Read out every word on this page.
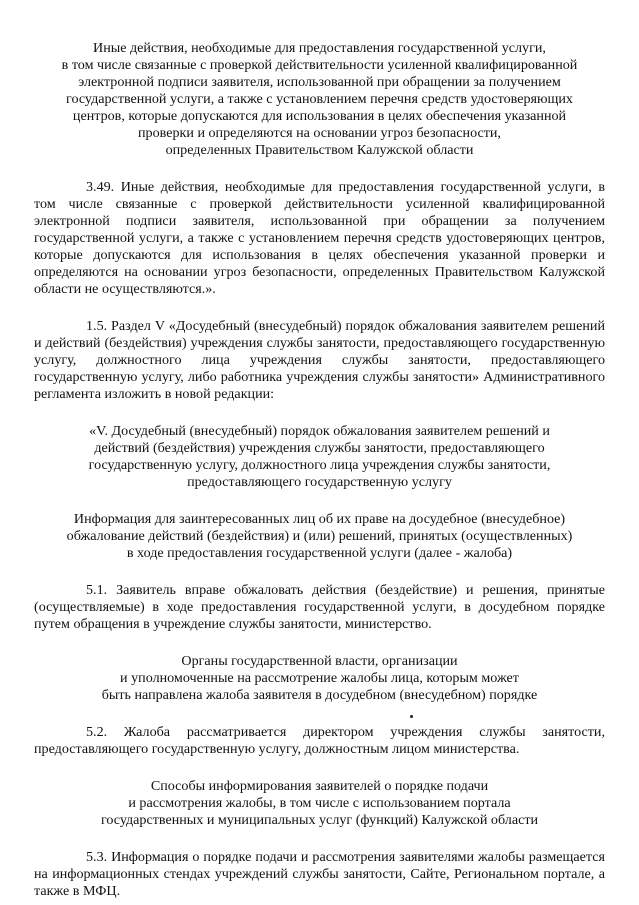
Иные действия, необходимые для предоставления государственной услуги,
в том числе связанные с проверкой действительности усиленной квалифицированной
электронной подписи заявителя, использованной при обращении за получением
государственной услуги, а также с установлением перечня средств удостоверяющих
центров, которые допускаются для использования в целях обеспечения указанной
проверки и определяются на основании угроз безопасности,
определенных Правительством Калужской области

3.49. Иные действия, необходимые для предоставления государственной услуги, в том числе связанные с проверкой действительности усиленной квалифицированной электронной подписи заявителя, использованной при обращении за получением государственной услуги, а также с установлением перечня средств удостоверяющих центров, которые допускаются для использования в целях обеспечения указанной проверки и определяются на основании угроз безопасности, определенных Правительством Калужской области не осуществляются.».

1.5. Раздел V «Досудебный (внесудебный) порядок обжалования заявителем решений и действий (бездействия) учреждения службы занятости, предоставляющего государственную услугу, должностного лица учреждения службы занятости, предоставляющего государственную услугу, либо работника учреждения службы занятости» Административного регламента изложить в новой редакции:

«V. Досудебный (внесудебный) порядок обжалования заявителем решений и
действий (бездействия) учреждения службы занятости, предоставляющего
государственную услугу, должностного лица учреждения службы занятости,
предоставляющего государственную услугу

Информация для заинтересованных лиц об их праве на досудебное (внесудебное)
обжалование действий (бездействия) и (или) решений, принятых (осуществленных)
в ходе предоставления государственной услуги (далее - жалоба)

5.1. Заявитель вправе обжаловать действия (бездействие) и решения, принятые (осуществляемые) в ходе предоставления государственной услуги, в досудебном порядке путем обращения в учреждение службы занятости, министерство.

Органы государственной власти, организации
и уполномоченные на рассмотрение жалобы лица, которым может
быть направлена жалоба заявителя в досудебном (внесудебном) порядке

5.2. Жалоба рассматривается директором учреждения службы занятости, предоставляющего государственную услугу, должностным лицом министерства.

Способы информирования заявителей о порядке подачи
и рассмотрения жалобы, в том числе с использованием портала
государственных и муниципальных услуг (функций) Калужской области

5.3. Информация о порядке подачи и рассмотрения заявителями жалобы размещается на информационных стендах учреждений службы занятости, Сайте, Региональном портале, а также в МФЦ.
